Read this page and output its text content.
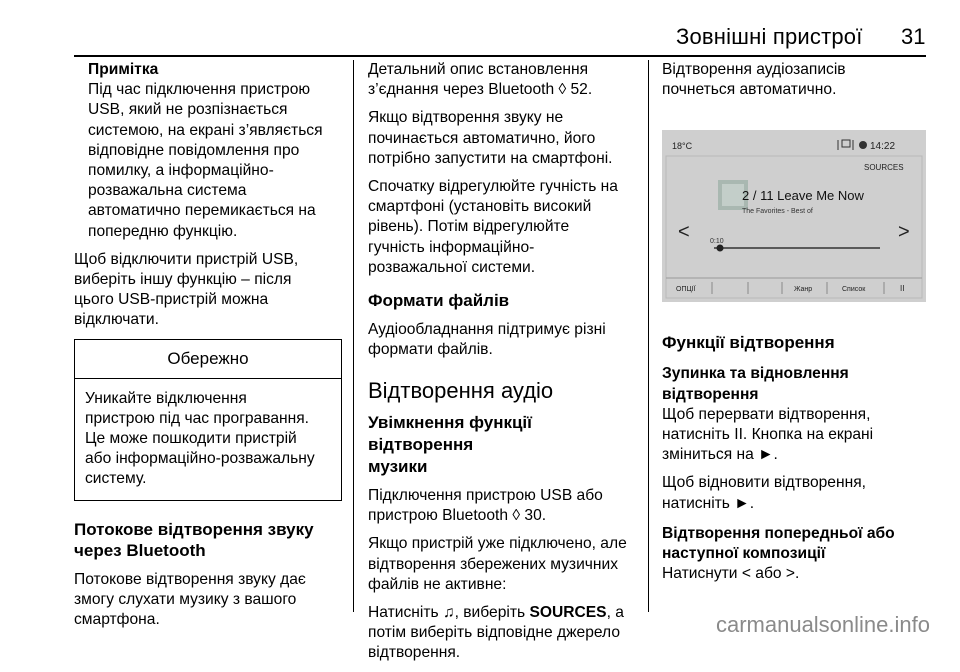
Зовнішні пристрої 31
Примітка
Під час підключення пристрою
USB, який не розпізнається
системою, на екрані з’являється
відповідне повідомлення про
помилку, а інформаційно-
розважальна система
автоматично перемикається на
попередню функцію.
Щоб відключити пристрій USB,
виберіть іншу функцію – після
цього USB-пристрій можна
відключати.
Обережно
Уникайте відключення
пристрою під час програвання.
Це може пошкодити пристрій
або інформаційно-розважальну
систему.
Потокове відтворення звуку
через Bluetooth
Потокове відтворення звуку дає
змогу слухати музику з вашого
смартфона.
Детальний опис встановлення
з’єднання через Bluetooth ◊ 52.
Якщо відтворення звуку не
починається автоматично, його
потрібно запустити на смартфоні.
Спочатку відрегулюйте гучність на
смартфоні (установіть високий
рівень). Потім відрегулюйте
гучність інформаційно-
розважальної системи.
Формати файлів
Аудіообладнання підтримує різні
формати файлів.
Відтворення аудіо
Увімкнення функції відтворення
музики
Підключення пристрою USB або
пристрою Bluetooth ◊ 30.
Якщо пристрій уже підключено, але
відтворення збережених музичних
файлів не активне:
Натисніть ♫, виберіть SOURCES, а
потім виберіть відповідне джерело
відтворення.
Відтворення аудіозаписів
почнеться автоматично.
18°C	14:22
SOURCES
2 / 11 Leave Me Now
The Favorites - Best of
0:10
<	>
ОПЦІЇ	Жанр	Список	II
Функції відтворення
Зупинка та відновлення
відтворення
Щоб перервати відтворення,
натисніть II. Кнопка на екрані
зміниться на ►.
Щоб відновити відтворення,
натисніть ►.
Відтворення попередньої або
наступної композиції
Натиснути < або >.
carmanualsonline.info
